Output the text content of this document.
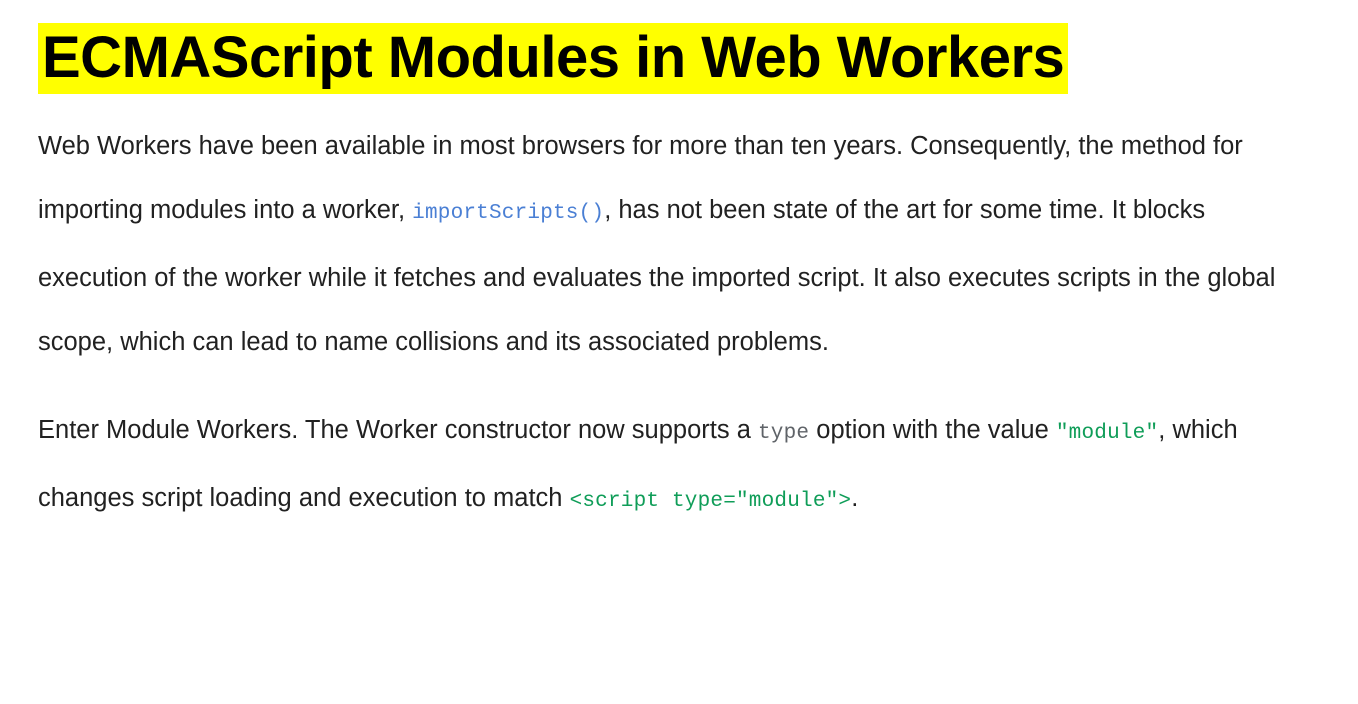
ECMAScript Modules in Web Workers

Web Workers have been available in most browsers for more than ten years. Consequently, the method for importing modules into a worker, importScripts(), has not been state of the art for some time. It blocks execution of the worker while it fetches and evaluates the imported script. It also executes scripts in the global scope, which can lead to name collisions and its associated problems.

Enter Module Workers. The Worker constructor now supports a type option with the value "module", which changes script loading and execution to match <script type="module">.
